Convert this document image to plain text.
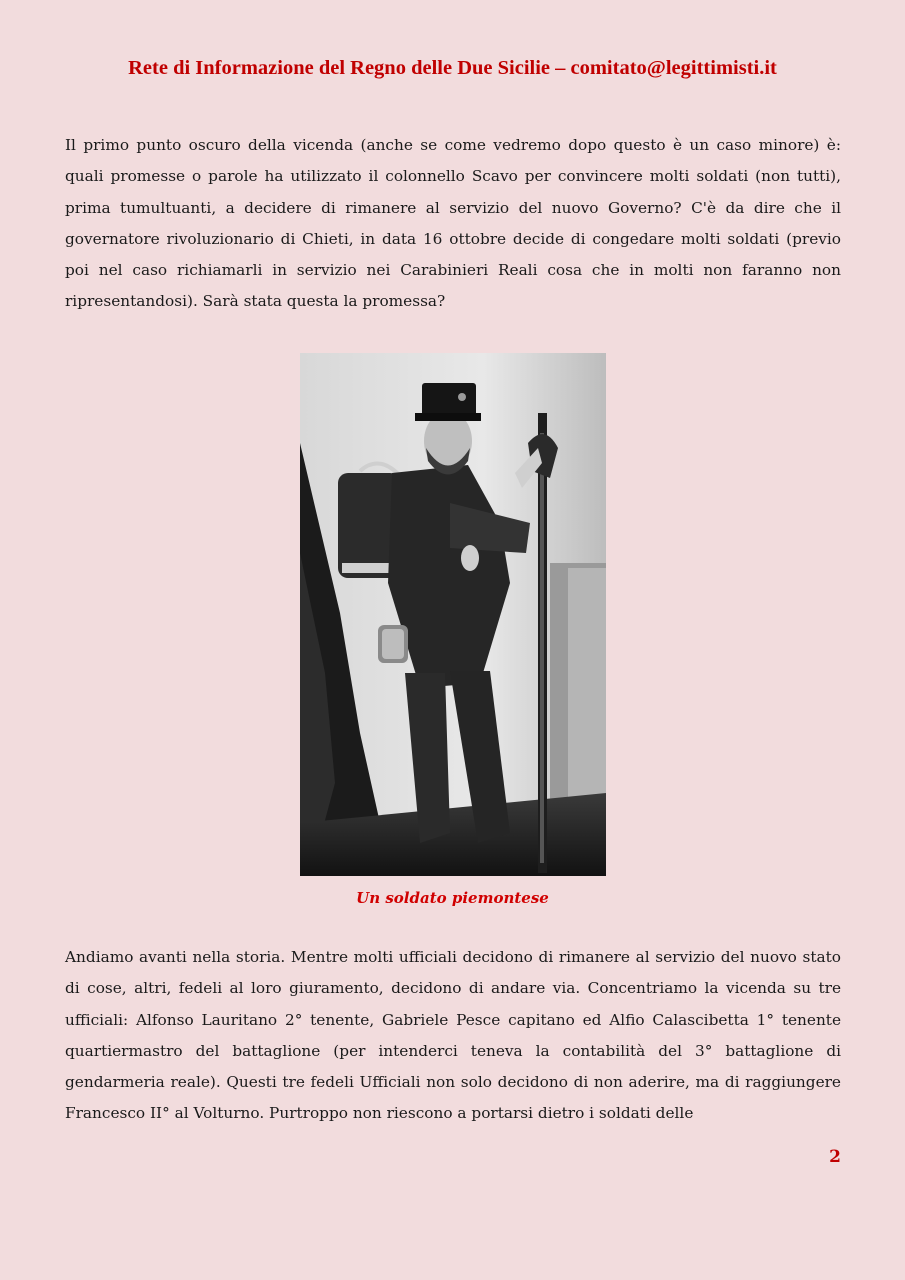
Rete di Informazione del Regno delle Due Sicilie – comitato@legittimisti.it

Il primo punto oscuro della vicenda (anche se come vedremo dopo questo è un caso minore) è: quali promesse o parole ha utilizzato il colonnello Scavo per convincere molti soldati (non tutti), prima tumultuanti, a decidere di rimanere al servizio del nuovo Governo? C'è da dire che il governatore rivoluzionario di Chieti, in data 16 ottobre decide di congedare molti soldati (previo poi nel caso richiamarli in servizio nei Carabinieri Reali cosa che in molti non faranno non ripresentandosi). Sarà stata questa la promessa?

Un soldato piemontese

Andiamo avanti nella storia. Mentre molti ufficiali decidono di rimanere al servizio del nuovo stato di cose, altri, fedeli al loro giuramento, decidono di andare via. Concentriamo la vicenda su tre ufficiali: Alfonso Lauritano 2° tenente, Gabriele Pesce capitano ed Alfio Calascibetta 1° tenente quartiermastro del battaglione (per intenderci teneva la contabilità del 3° battaglione di gendarmeria reale). Questi tre fedeli Ufficiali non solo decidono di non aderire, ma di raggiungere Francesco II° al Volturno. Purtroppo non riescono a portarsi dietro i soldati delle

2
